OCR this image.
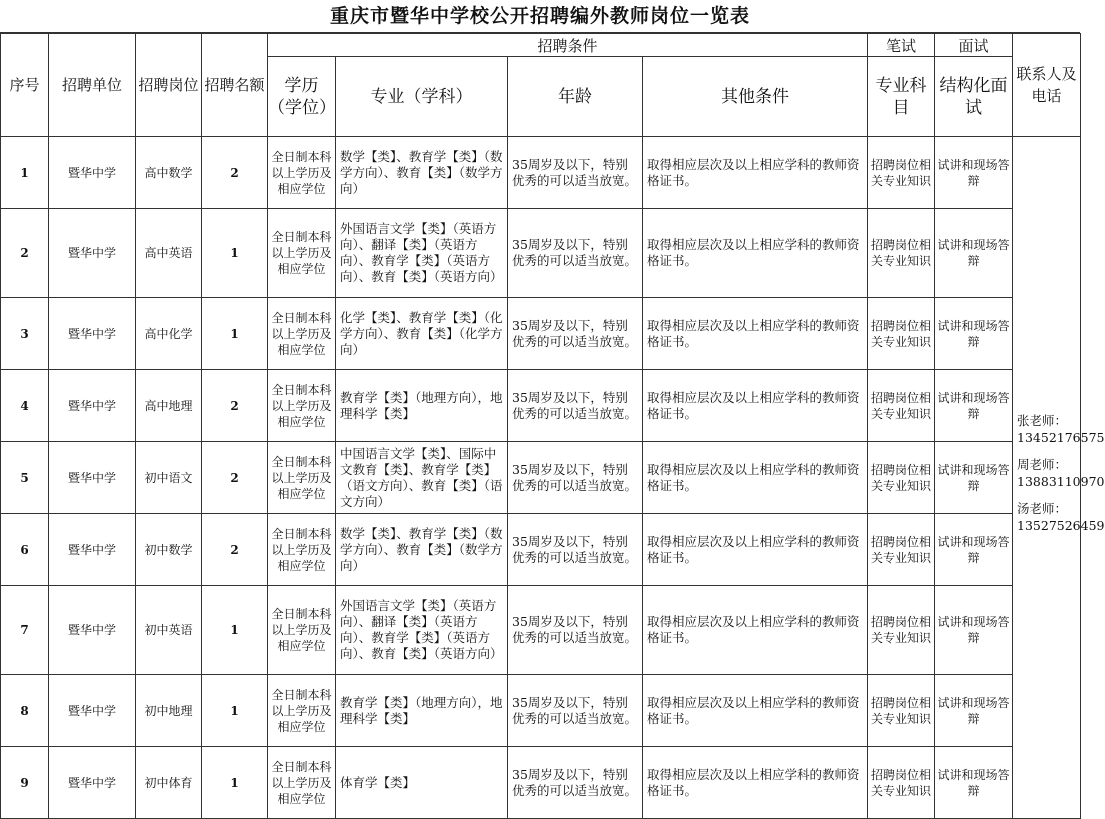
重庆市暨华中学校公开招聘编外教师岗位一览表
序号	招聘单位	招聘岗位	招聘名额	招聘条件				笔试	面试	联系人及电话
				学历（学位）	专业（学科）	年龄	其他条件	专业科目	结构化面试	
1	暨华中学	高中数学	2	全日制本科以上学历及相应学位	数学【类】、教育学【类】（数学方向）、教育【类】（数学方向）	35周岁及以下，特别优秀的可以适当放宽。	取得相应层次及以上相应学科的教师资格证书。	招聘岗位相关专业知识	试讲和现场答辩	张老师：13452176575
周老师：13883110970
汤老师：13527526459

2	暨华中学	高中英语	1	全日制本科以上学历及相应学位	外国语言文学【类】（英语方向）、翻译【类】（英语方向）、教育学【类】（英语方向）、教育【类】（英语方向）	35周岁及以下，特别优秀的可以适当放宽。	取得相应层次及以上相应学科的教师资格证书。	招聘岗位相关专业知识	试讲和现场答辩	
3	暨华中学	高中化学	1	全日制本科以上学历及相应学位	化学【类】、教育学【类】（化学方向）、教育【类】（化学方向）	35周岁及以下，特别优秀的可以适当放宽。	取得相应层次及以上相应学科的教师资格证书。	招聘岗位相关专业知识	试讲和现场答辩	
4	暨华中学	高中地理	2	全日制本科以上学历及相应学位	教育学【类】（地理方向），地理科学【类】	35周岁及以下，特别优秀的可以适当放宽。	取得相应层次及以上相应学科的教师资格证书。	招聘岗位相关专业知识	试讲和现场答辩	
5	暨华中学	初中语文	2	全日制本科以上学历及相应学位	中国语言文学【类】、国际中文教育【类】、教育学【类】（语文方向）、教育【类】（语文方向）	35周岁及以下，特别优秀的可以适当放宽。	取得相应层次及以上相应学科的教师资格证书。	招聘岗位相关专业知识	试讲和现场答辩	
6	暨华中学	初中数学	2	全日制本科以上学历及相应学位	数学【类】、教育学【类】（数学方向）、教育【类】（数学方向）	35周岁及以下，特别优秀的可以适当放宽。	取得相应层次及以上相应学科的教师资格证书。	招聘岗位相关专业知识	试讲和现场答辩	
7	暨华中学	初中英语	1	全日制本科以上学历及相应学位	外国语言文学【类】（英语方向）、翻译【类】（英语方向）、教育学【类】（英语方向）、教育【类】（英语方向）	35周岁及以下，特别优秀的可以适当放宽。	取得相应层次及以上相应学科的教师资格证书。	招聘岗位相关专业知识	试讲和现场答辩	
8	暨华中学	初中地理	1	全日制本科以上学历及相应学位	教育学【类】（地理方向），地理科学【类】	35周岁及以下，特别优秀的可以适当放宽。	取得相应层次及以上相应学科的教师资格证书。	招聘岗位相关专业知识	试讲和现场答辩	
9	暨华中学	初中体育	1	全日制本科以上学历及相应学位	体育学【类】	35周岁及以下，特别优秀的可以适当放宽。	取得相应层次及以上相应学科的教师资格证书。	招聘岗位相关专业知识	试讲和现场答辩	
